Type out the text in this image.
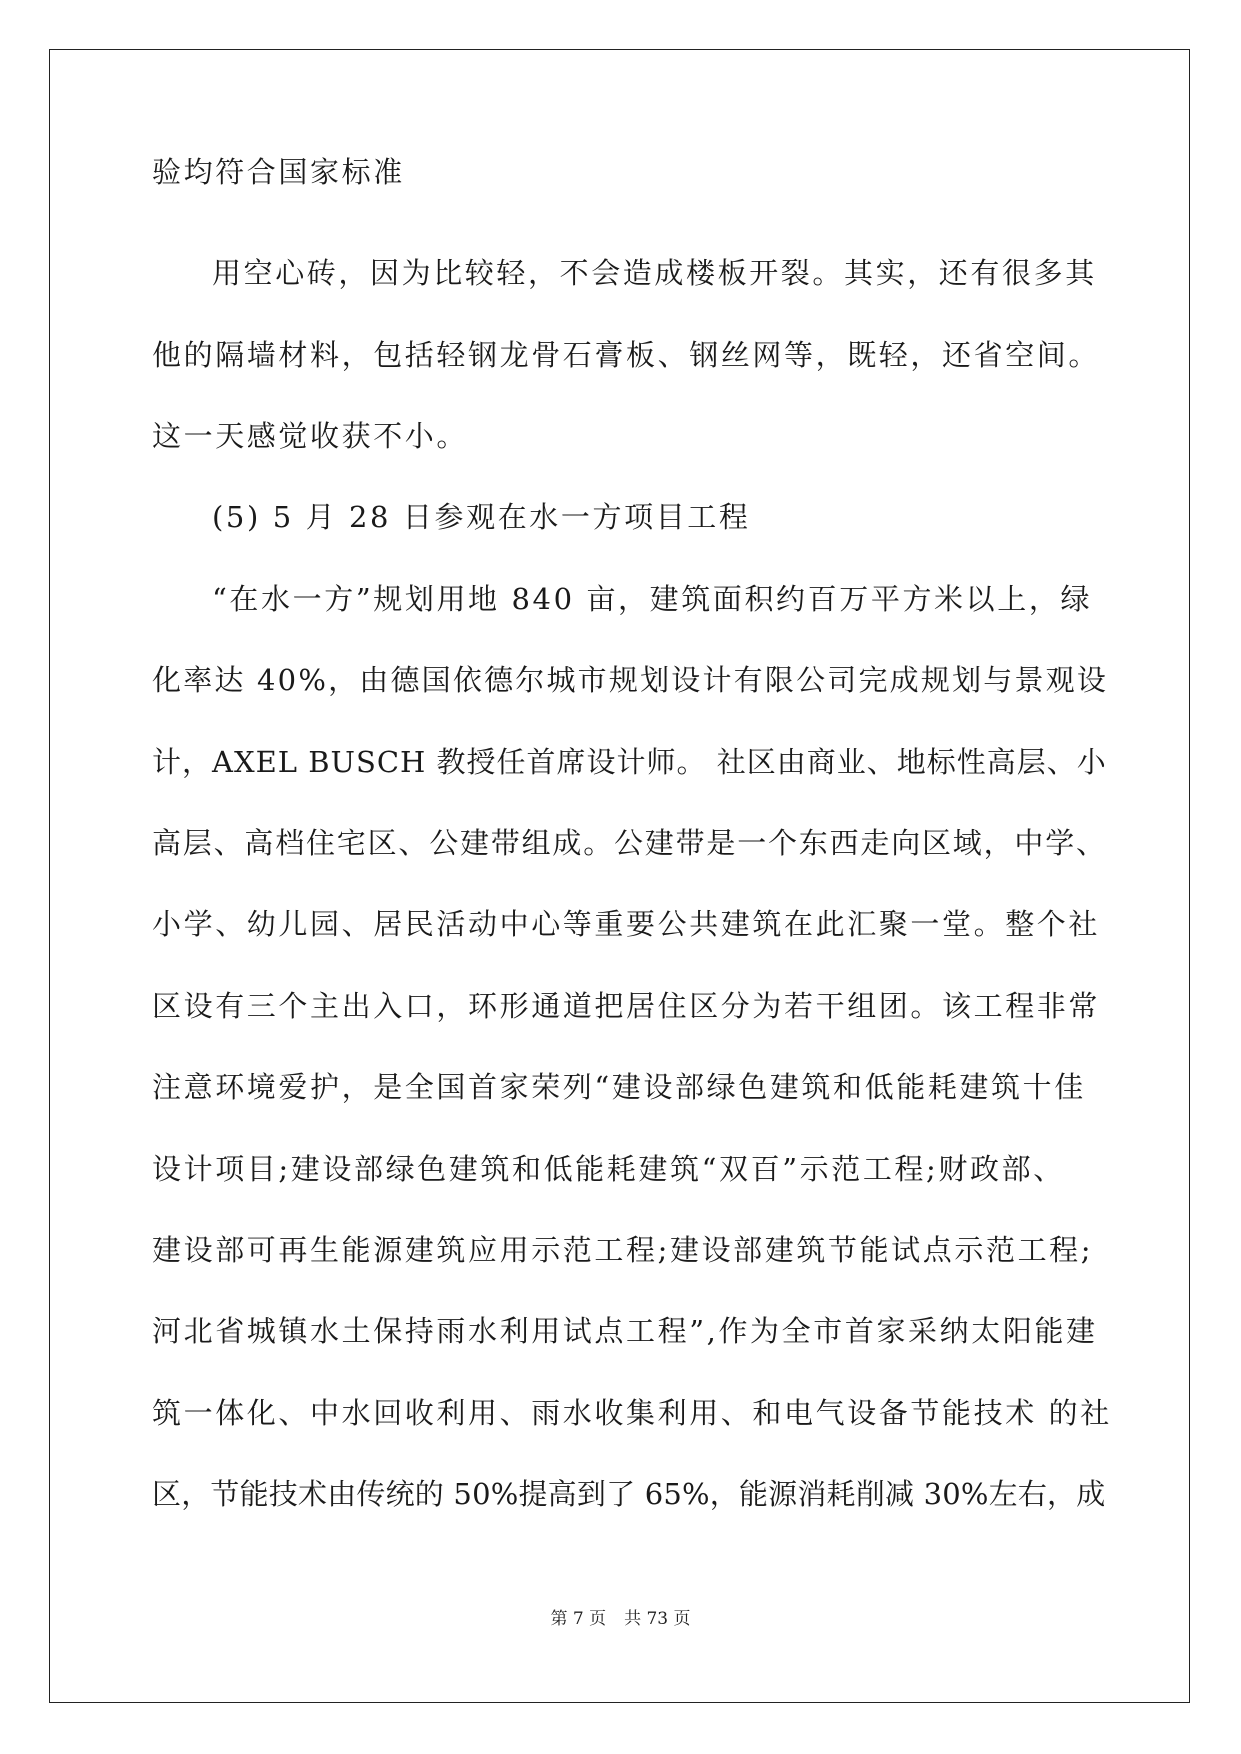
验均符合国家标准
用空心砖，因为比较轻，不会造成楼板开裂。其实，还有很多其
他的隔墙材料，包括轻钢龙骨石膏板、钢丝网等，既轻，还省空间。
这一天感觉收获不小。
(5) 5 月 28 日参观在水一方项目工程
“在水一方”规划用地 840 亩，建筑面积约百万平方米以上，绿
化率达 40%，由德国依德尔城市规划设计有限公司完成规划与景观设
计，AXEL BUSCH 教授任首席设计师。 社区由商业、地标性高层、小
高层、高档住宅区、公建带组成。公建带是一个东西走向区域，中学、
小学、幼儿园、居民活动中心等重要公共建筑在此汇聚一堂。整个社
区设有三个主出入口，环形通道把居住区分为若干组团。该工程非常
注意环境爱护，是全国首家荣列“建设部绿色建筑和低能耗建筑十佳
设计项目;建设部绿色建筑和低能耗建筑“双百”示范工程;财政部、
建设部可再生能源建筑应用示范工程;建设部建筑节能试点示范工程;
河北省城镇水土保持雨水利用试点工程”,作为全市首家采纳太阳能建
筑一体化、中水回收利用、雨水收集利用、和电气设备节能技术 的社
区，节能技术由传统的 50%提高到了 65%，能源消耗削减 30%左右，成
第 7 页 共 73 页
